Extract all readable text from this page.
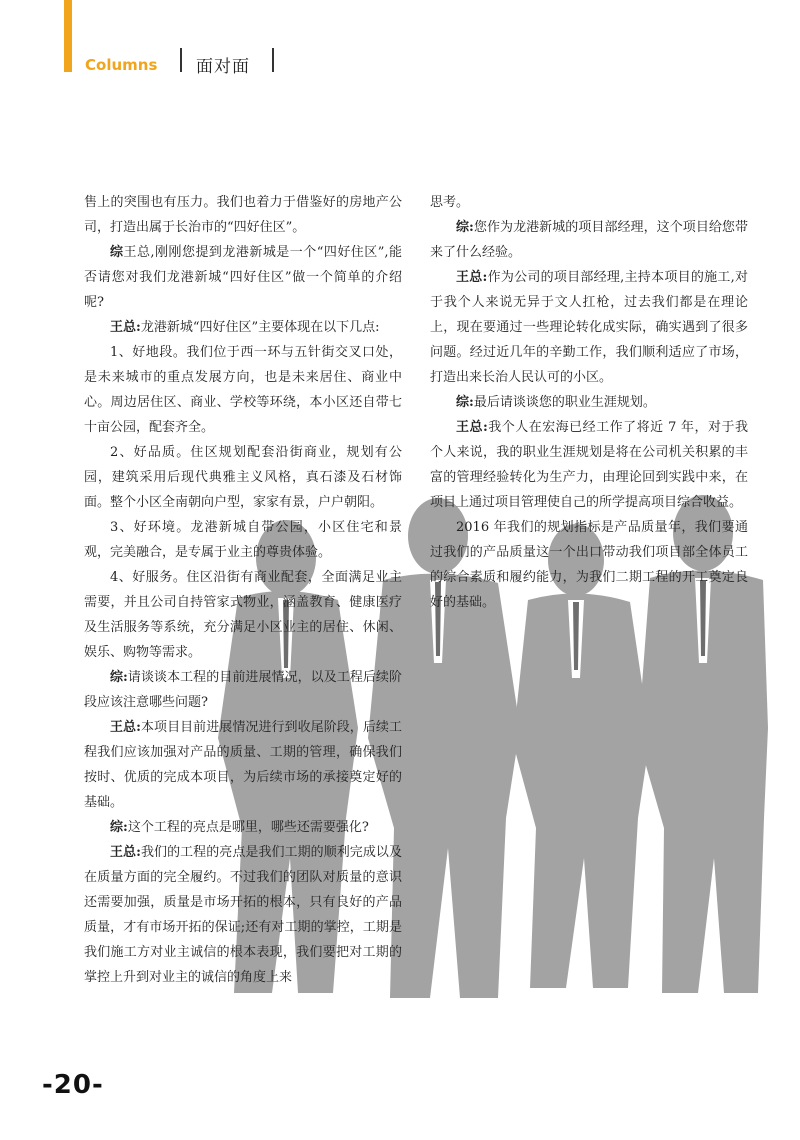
Columns 面对面

售上的突围也有压力。我们也着力于借鉴好的房地产公司，打造出属于长治市的“四好住区”。

综王总,刚刚您提到龙港新城是一个“四好住区”,能否请您对我们龙港新城“四好住区”做一个简单的介绍呢?

王总:龙港新城“四好住区”主要体现在以下几点:

1、好地段。我们位于西一环与五针街交叉口处，是未来城市的重点发展方向，也是未来居住、商业中心。周边居住区、商业、学校等环绕，本小区还自带七十亩公园，配套齐全。

2、好品质。住区规划配套沿街商业，规划有公园，建筑采用后现代典雅主义风格，真石漆及石材饰面。整个小区全南朝向户型，家家有景，户户朝阳。

3、好环境。龙港新城自带公园，小区住宅和景观，完美融合，是专属于业主的尊贵体验。

4、好服务。住区沿街有商业配套，全面满足业主需要，并且公司自持管家式物业，涵盖教育、健康医疗及生活服务等系统，充分满足小区业主的居住、休闲、娱乐、购物等需求。

综:请谈谈本工程的目前进展情况，以及工程后续阶段应该注意哪些问题?

王总:本项目目前进展情况进行到收尾阶段，后续工程我们应该加强对产品的质量、工期的管理，确保我们按时、优质的完成本项目，为后续市场的承接奠定好的基础。

综:这个工程的亮点是哪里，哪些还需要强化?

王总:我们的工程的亮点是我们工期的顺利完成以及在质量方面的完全履约。不过我们的团队对质量的意识还需要加强，质量是市场开拓的根本，只有良好的产品质量，才有市场开拓的保证;还有对工期的掌控，工期是我们施工方对业主诚信的根本表现，我们要把对工期的掌控上升到对业主的诚信的角度上来

思考。

综:您作为龙港新城的项目部经理，这个项目给您带来了什么经验。

王总:作为公司的项目部经理,主持本项目的施工,对于我个人来说无异于文人扛枪，过去我们都是在理论上，现在要通过一些理论转化成实际，确实遇到了很多问题。经过近几年的辛勤工作，我们顺利适应了市场，打造出来长治人民认可的小区。

综:最后请谈谈您的职业生涯规划。

王总:我个人在宏海已经工作了将近 7 年，对于我个人来说，我的职业生涯规划是将在公司机关积累的丰富的管理经验转化为生产力，由理论回到实践中来，在项目上通过项目管理使自己的所学提高项目综合收益。

2016 年我们的规划指标是产品质量年，我们要通过我们的产品质量这一个出口带动我们项目部全体员工的综合素质和履约能力，为我们二期工程的开工奠定良好的基础。

-20-
